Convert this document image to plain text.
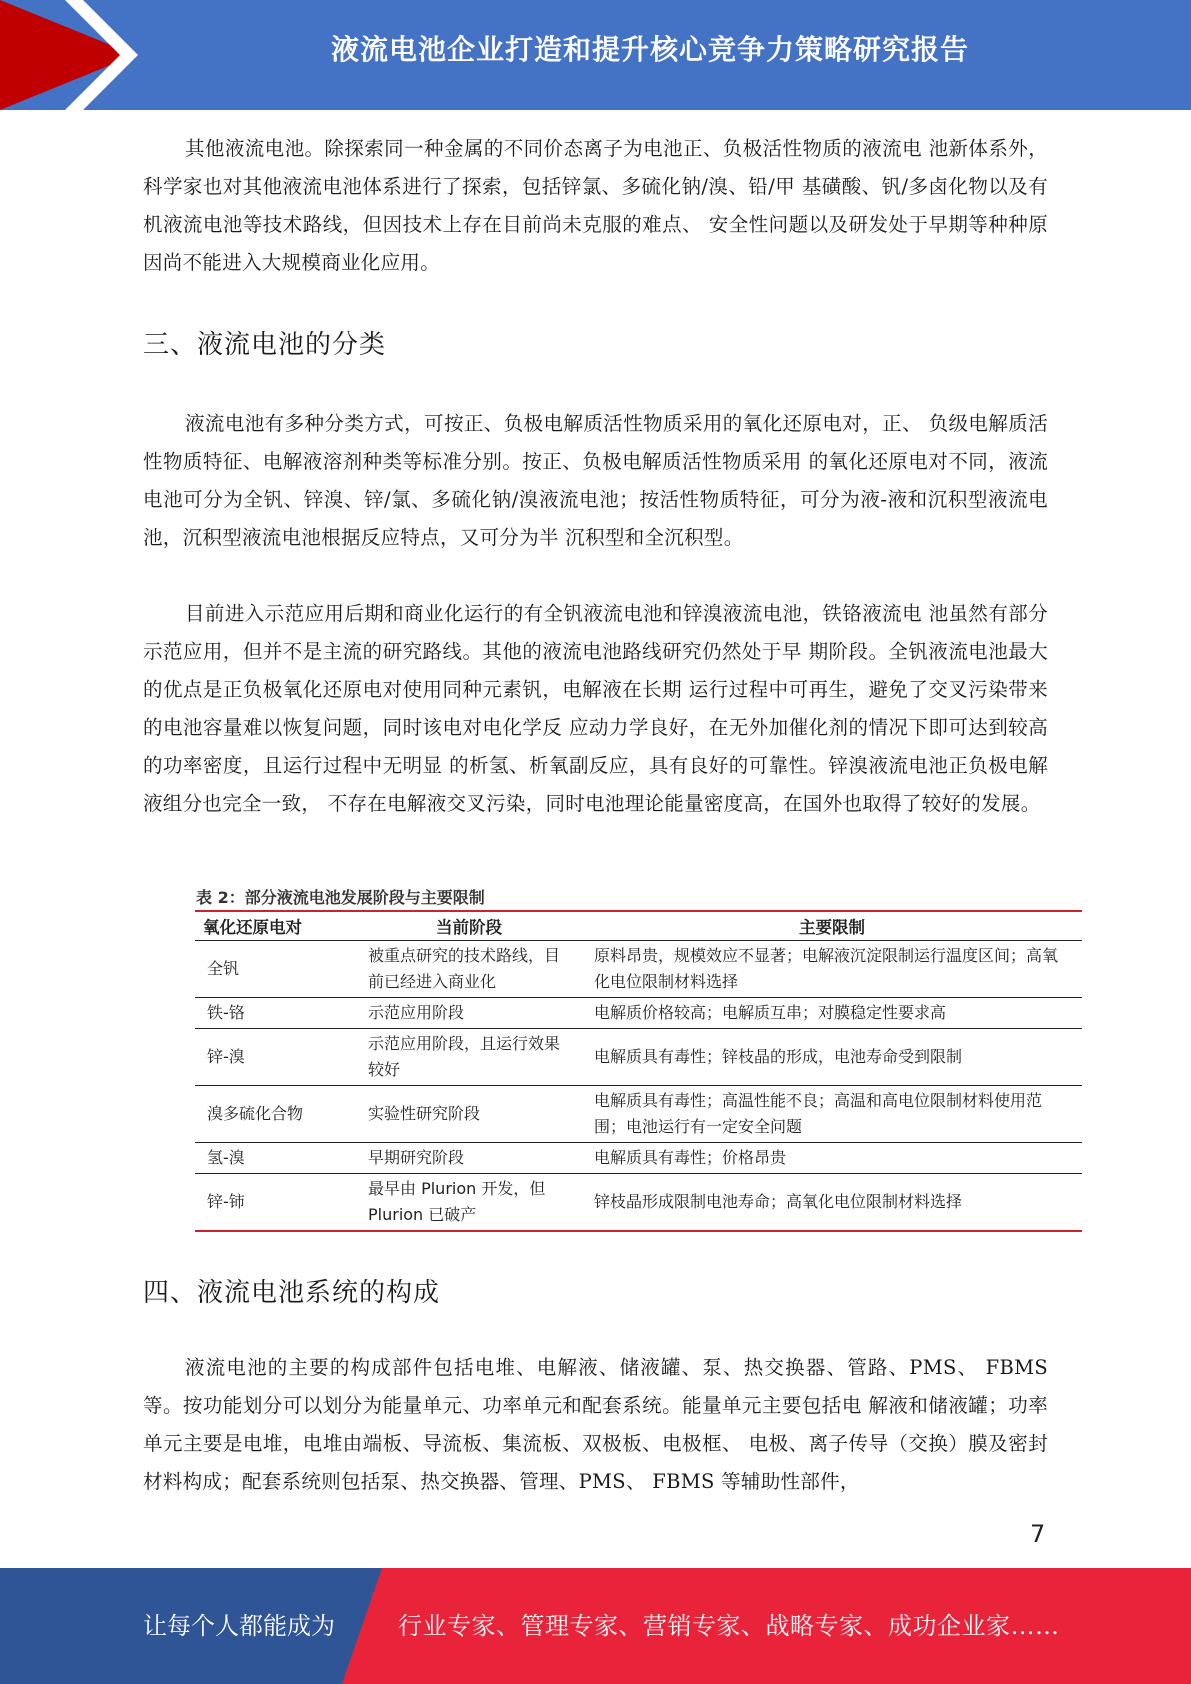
液流电池企业打造和提升核心竞争力策略研究报告

其他液流电池。除探索同一种金属的不同价态离子为电池正、负极活性物质的液流电 池新体系外，科学家也对其他液流电池体系进行了探索，包括锌氯、多硫化钠/溴、铅/甲 基磺酸、钒/多卤化物以及有机液流电池等技术路线，但因技术上存在目前尚未克服的难点、 安全性问题以及研发处于早期等种种原因尚不能进入大规模商业化应用。

三、液流电池的分类

液流电池有多种分类方式，可按正、负极电解质活性物质采用的氧化还原电对，正、 负级电解质活性物质特征、电解液溶剂种类等标准分别。按正、负极电解质活性物质采用 的氧化还原电对不同，液流电池可分为全钒、锌溴、锌/氯、多硫化钠/溴液流电池；按活性物质特征，可分为液-液和沉积型液流电池，沉积型液流电池根据反应特点，又可分为半 沉积型和全沉积型。

目前进入示范应用后期和商业化运行的有全钒液流电池和锌溴液流电池，铁铬液流电 池虽然有部分示范应用，但并不是主流的研究路线。其他的液流电池路线研究仍然处于早 期阶段。全钒液流电池最大的优点是正负极氧化还原电对使用同种元素钒，电解液在长期 运行过程中可再生，避免了交叉污染带来的电池容量难以恢复问题，同时该电对电化学反 应动力学良好，在无外加催化剂的情况下即可达到较高的功率密度，且运行过程中无明显 的析氢、析氧副反应，具有良好的可靠性。锌溴液流电池正负极电解液组分也完全一致， 不存在电解液交叉污染，同时电池理论能量密度高，在国外也取得了较好的发展。

表 2：部分液流电池发展阶段与主要限制
氧化还原电对	当前阶段	主要限制
全钒	被重点研究的技术路线，目前已经进入商业化	原料昂贵，规模效应不显著；电解液沉淀限制运行温度区间；高氧化电位限制材料选择
铁-铬	示范应用阶段	电解质价格较高；电解质互串；对膜稳定性要求高
锌-溴	示范应用阶段，且运行效果较好	电解质具有毒性；锌枝晶的形成，电池寿命受到限制
溴多硫化合物	实验性研究阶段	电解质具有毒性；高温性能不良；高温和高电位限制材料使用范围；电池运行有一定安全问题
氢-溴	早期研究阶段	电解质具有毒性；价格昂贵
锌-铈	最早由 Plurion 开发，但 Plurion 已破产	锌枝晶形成限制电池寿命；高氧化电位限制材料选择
四、液流电池系统的构成

液流电池的主要的构成部件包括电堆、电解液、储液罐、泵、热交换器、管路、PMS、 FBMS 等。按功能划分可以划分为能量单元、功率单元和配套系统。能量单元主要包括电 解液和储液罐；功率单元主要是电堆，电堆由端板、导流板、集流板、双极板、电极框、 电极、离子传导（交换）膜及密封材料构成；配套系统则包括泵、热交换器、管理、PMS、 FBMS 等辅助性部件，

7
让每个人都能成为	行业专家、管理专家、营销专家、战略专家、成功企业家……
